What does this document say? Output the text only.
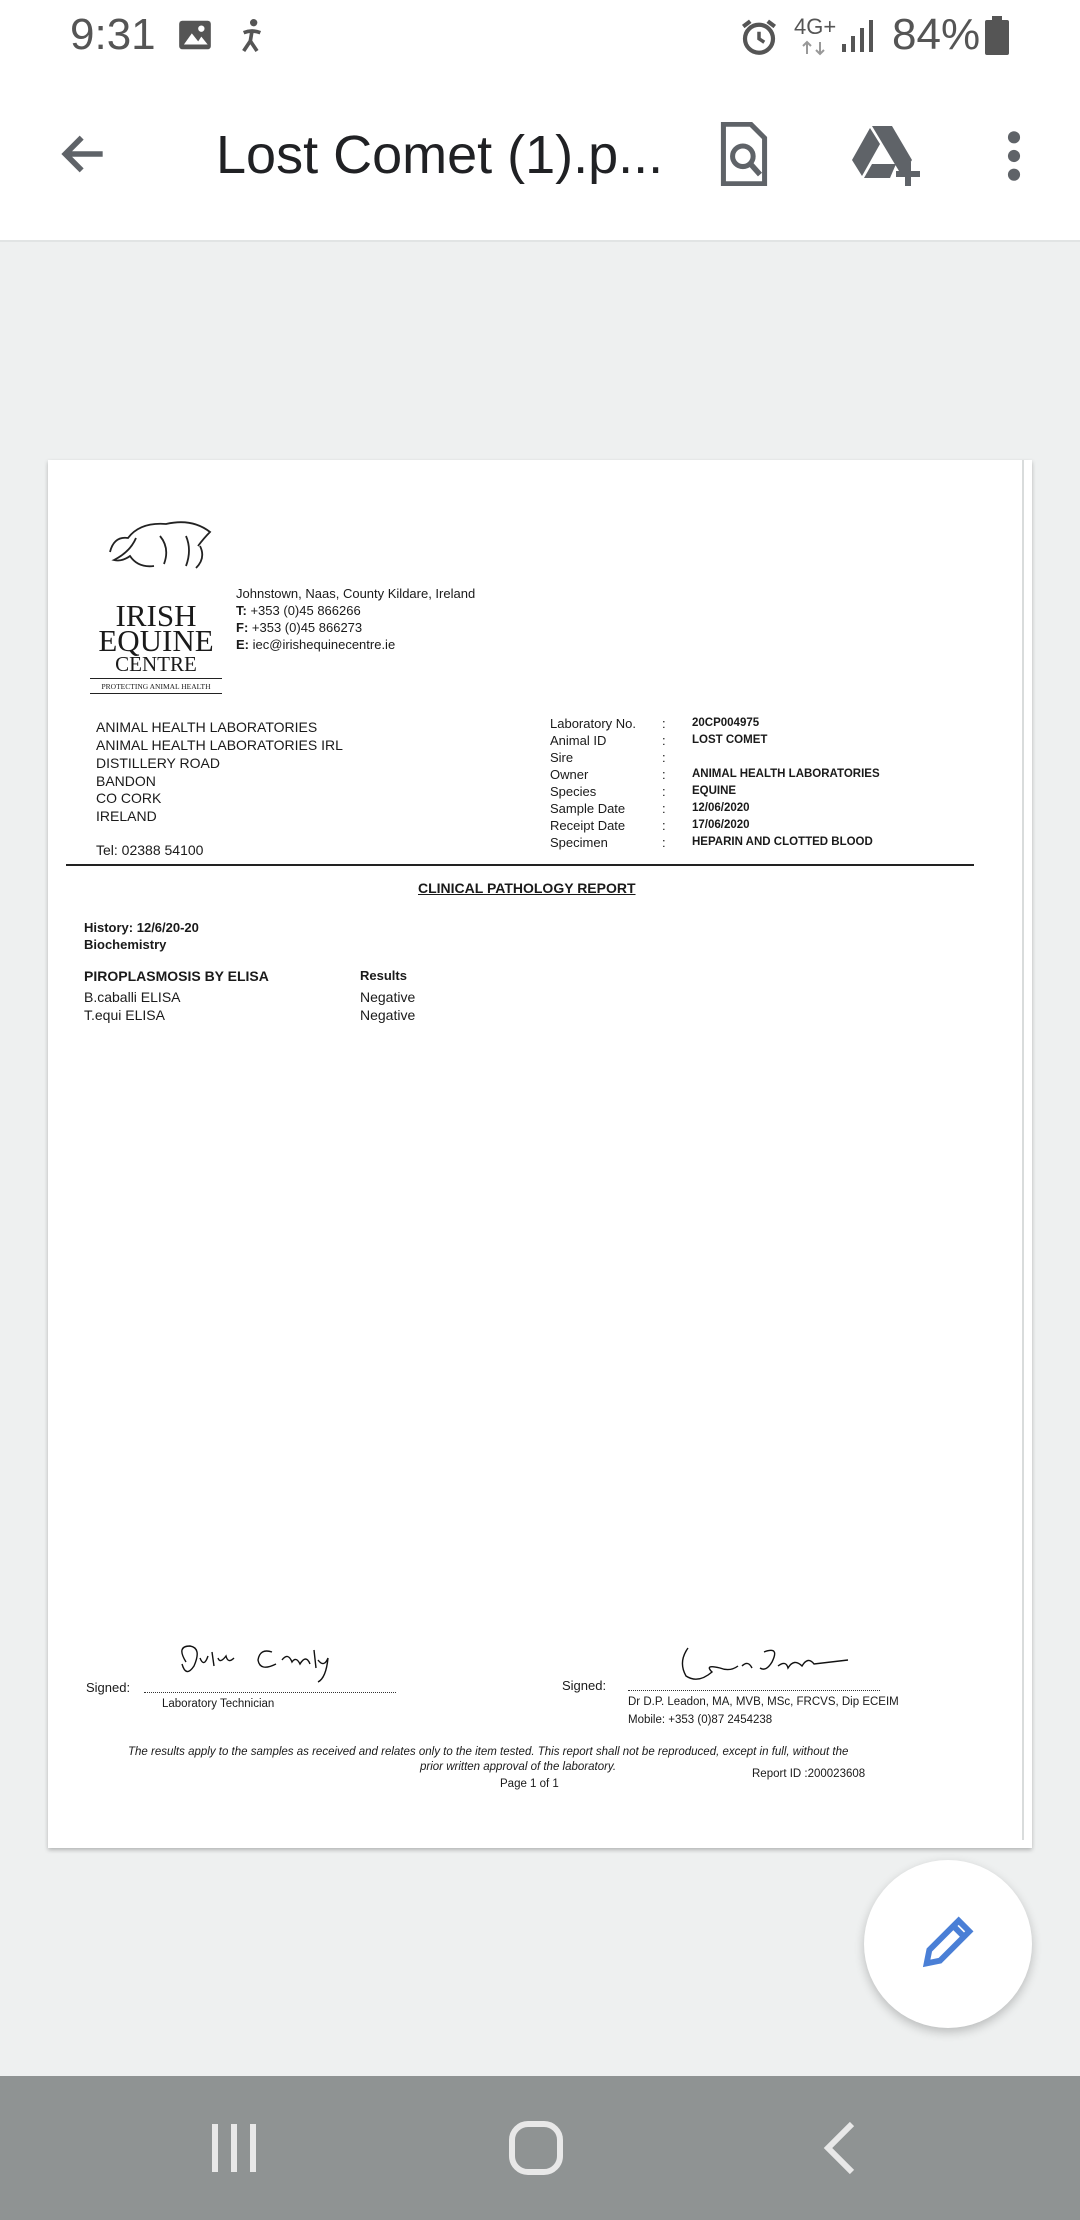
9:31	4G+ 84%
Lost Comet (1).p...
IRISH
EQUINE
CENTRE
PROTECTING ANIMAL HEALTH
Johnstown, Naas, County Kildare, Ireland
T: +353 (0)45 866266
F: +353 (0)45 866273
E: iec@irishequinecentre.ie
ANIMAL HEALTH LABORATORIES
ANIMAL HEALTH LABORATORIES IRL
DISTILLERY ROAD
BANDON
CO CORK
IRELAND
Tel: 02388 54100
Laboratory No. : 20CP004975
Animal ID	: LOST COMET
Sire	:
Owner	: ANIMAL HEALTH LABORATORIES
Species	: EQUINE
Sample Date	: 12/06/2020
Receipt Date	: 17/06/2020
Specimen	: HEPARIN AND CLOTTED BLOOD
CLINICAL PATHOLOGY REPORT
History: 12/6/20-20
Biochemistry
PIROPLASMOSIS BY ELISA	Results
B.caballi ELISA	Negative
T.equi ELISA	Negative
Signed:
Laboratory Technician
Signed:
Dr D.P. Leadon, MA, MVB, MSc, FRCVS, Dip ECEIM
Mobile: +353 (0)87 2454238
The results apply to the samples as received and relates only to the item tested. This report shall not be reproduced, except in full, without the
prior written approval of the laboratory.
Page 1 of 1
Report ID :200023608
